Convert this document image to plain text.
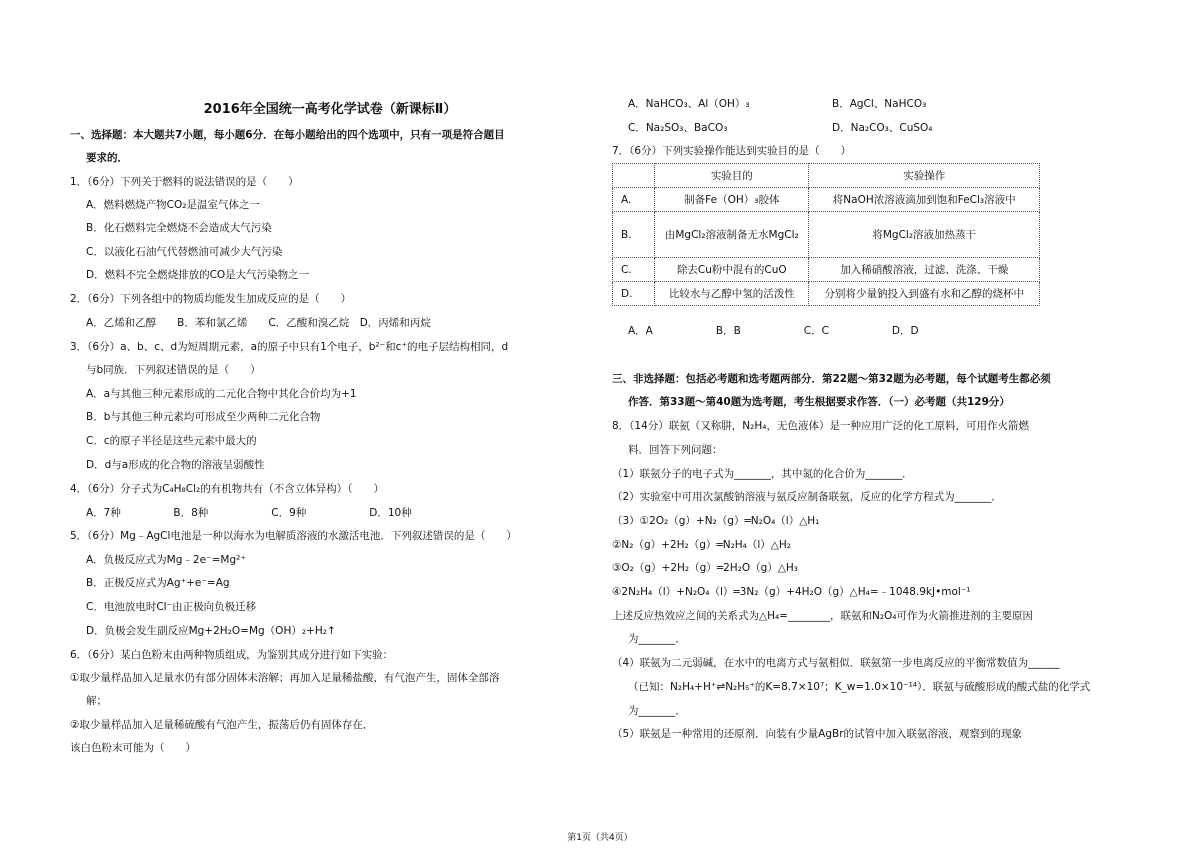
2016年全国统一高考化学试卷（新课标Ⅱ）
一、选择题：本大题共7小题，每小题6分．在每小题给出的四个选项中，只有一项是符合题目
要求的．
1．（6分）下列关于燃料的说法错误的是（　　）
A．燃料燃烧产物CO₂是温室气体之一
B．化石燃料完全燃烧不会造成大气污染
C．以液化石油气代替燃油可减少大气污染
D．燃料不完全燃烧排放的CO是大气污染物之一
2．（6分）下列各组中的物质均能发生加成反应的是（　　）
A．乙烯和乙醇　　B．苯和氯乙烯　　C．乙酸和溴乙烷　D．丙烯和丙烷
3．（6分）a、b、c、d为短周期元素，a的原子中只有1个电子，b²⁻和c⁺的电子层结构相同，d
与b同族．下列叙述错误的是（　　）
A．a与其他三种元素形成的二元化合物中其化合价均为+1
B．b与其他三种元素均可形成至少两种二元化合物
C．c的原子半径是这些元素中最大的
D．d与a形成的化合物的溶液呈弱酸性
4．（6分）分子式为C₄H₈Cl₂的有机物共有（不含立体异构）（　　）
A．7种　　　　　B．8种　　　　　　C．9种　　　　　　D．10种
5．（6分）Mg﹣AgCl电池是一种以海水为电解质溶液的水激活电池．下列叙述错误的是（　　）
A．负极反应式为Mg﹣2e⁻=Mg²⁺
B．正极反应式为Ag⁺+e⁻=Ag
C．电池放电时Cl⁻由正极向负极迁移
D．负极会发生副反应Mg+2H₂O=Mg（OH）₂+H₂↑
6．（6分）某白色粉末由两种物质组成，为鉴别其成分进行如下实验：
①取少量样品加入足量水仍有部分固体未溶解；再加入足量稀盐酸，有气泡产生，固体全部溶
解；
②取少量样品加入足量稀硫酸有气泡产生，振荡后仍有固体存在．
该白色粉末可能为（　　）
	实验目的	实验操作
A.	制备Fe（OH）₃胶体	将NaOH浓溶液滴加到饱和FeCl₃溶液中
B.	由MgCl₂溶液制备无水MgCl₂	将MgCl₂溶液加热蒸干
C.	除去Cu粉中混有的CuO	加入稀硝酸溶液，过滤、洗涤、干燥
D.	比较水与乙醇中氢的活泼性	分别将少量钠投入到盛有水和乙醇的烧杯中
A．NaHCO₃、Al（OH）₃	B．AgCl、NaHCO₃
C．Na₂SO₃、BaCO₃	D．Na₂CO₃、CuSO₄
7．（6分）下列实验操作能达到实验目的是（　　）
A．A　　　　　　B．B　　　　　　C．C　　　　　　D．D
三、非选择题：包括必考题和选考题两部分．第22题～第32题为必考题，每个试题考生都必须
作答．第33题～第40题为选考题，考生根据要求作答．（一）必考题（共129分）
8．（14分）联氨（又称肼，N₂H₄，无色液体）是一种应用广泛的化工原料，可用作火箭燃
料．回答下列问题：
（1）联氨分子的电子式为_______，其中氮的化合价为_______．
（2）实验室中可用次氯酸钠溶液与氨反应制备联氨，反应的化学方程式为_______．
（3）①2O₂（g）+N₂（g）═N₂O₄（l）△H₁
②N₂（g）+2H₂（g）═N₂H₄（l）△H₂
③O₂（g）+2H₂（g）═2H₂O（g）△H₃
④2N₂H₄（l）+N₂O₄（l）═3N₂（g）+4H₂O（g）△H₄=﹣1048.9kJ•mol⁻¹
上述反应热效应之间的关系式为△H₄=________，联氨和N₂O₄可作为火箭推进剂的主要原因
为_______．
（4）联氨为二元弱碱，在水中的电离方式与氨相似．联氨第一步电离反应的平衡常数值为______
（已知：N₂H₄+H⁺⇌N₂H₅⁺的K=8.7×10⁷；K_w=1.0×10⁻¹⁴）．联氨与硫酸形成的酸式盐的化学式
为_______．
（5）联氨是一种常用的还原剂．向装有少量AgBr的试管中加入联氨溶液，观察到的现象
第1页（共4页）
